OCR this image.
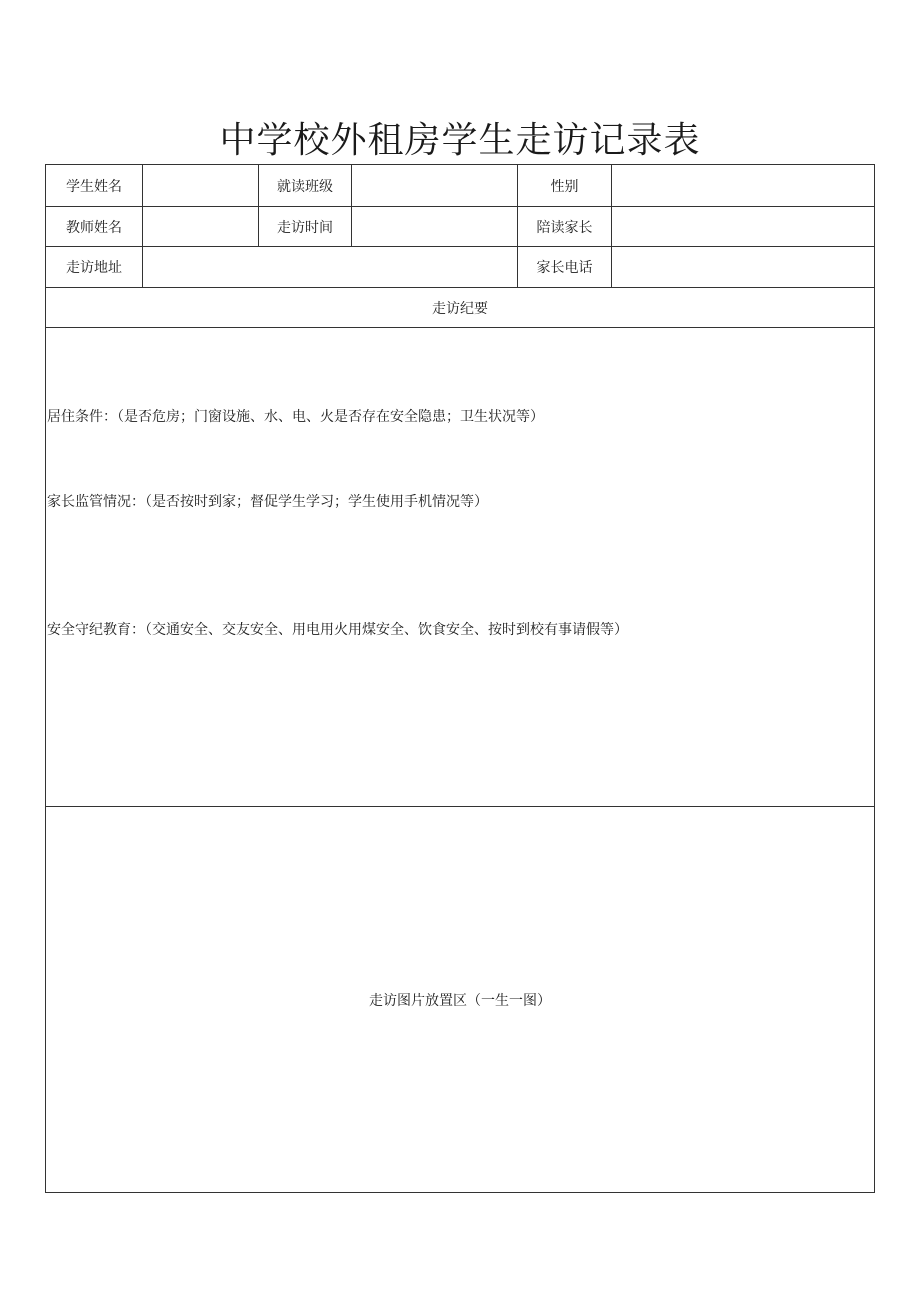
中学校外租房学生走访记录表
学生姓名	就读班级	性别
教师姓名	走访时间	陪读家长
走访地址	家长电话
走访纪要
居住条件：（是否危房；门窗设施、水、电、火是否存在安全隐患；卫生状况等）
家长监管情况：（是否按时到家；督促学生学习；学生使用手机情况等）
安全守纪教育：（交通安全、交友安全、用电用火用煤安全、饮食安全、按时到校有事请假等）
走访图片放置区（一生一图）
